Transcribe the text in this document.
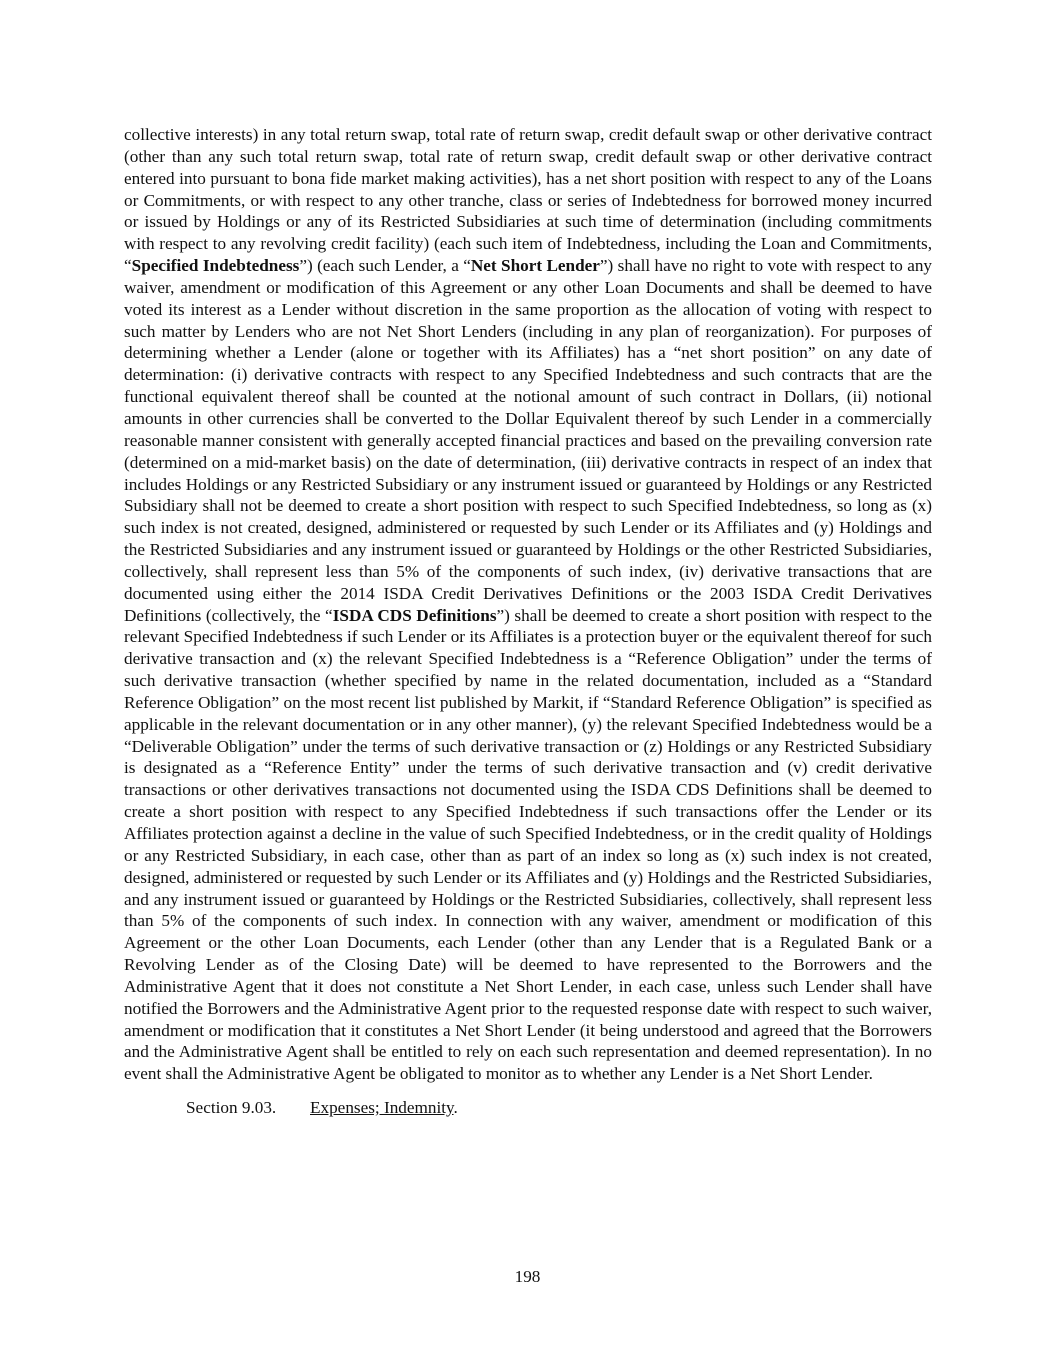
collective interests) in any total return swap, total rate of return swap, credit default swap or other derivative contract (other than any such total return swap, total rate of return swap, credit default swap or other derivative contract entered into pursuant to bona fide market making activities), has a net short position with respect to any of the Loans or Commitments, or with respect to any other tranche, class or series of Indebtedness for borrowed money incurred or issued by Holdings or any of its Restricted Subsidiaries at such time of determination (including commitments with respect to any revolving credit facility) (each such item of Indebtedness, including the Loan and Commitments, “Specified Indebtedness”) (each such Lender, a “Net Short Lender”) shall have no right to vote with respect to any waiver, amendment or modification of this Agreement or any other Loan Documents and shall be deemed to have voted its interest as a Lender without discretion in the same proportion as the allocation of voting with respect to such matter by Lenders who are not Net Short Lenders (including in any plan of reorganization). For purposes of determining whether a Lender (alone or together with its Affiliates) has a “net short position” on any date of determination: (i) derivative contracts with respect to any Specified Indebtedness and such contracts that are the functional equivalent thereof shall be counted at the notional amount of such contract in Dollars, (ii) notional amounts in other currencies shall be converted to the Dollar Equivalent thereof by such Lender in a commercially reasonable manner consistent with generally accepted financial practices and based on the prevailing conversion rate (determined on a mid-market basis) on the date of determination, (iii) derivative contracts in respect of an index that includes Holdings or any Restricted Subsidiary or any instrument issued or guaranteed by Holdings or any Restricted Subsidiary shall not be deemed to create a short position with respect to such Specified Indebtedness, so long as (x) such index is not created, designed, administered or requested by such Lender or its Affiliates and (y) Holdings and the Restricted Subsidiaries and any instrument issued or guaranteed by Holdings or the other Restricted Subsidiaries, collectively, shall represent less than 5% of the components of such index, (iv) derivative transactions that are documented using either the 2014 ISDA Credit Derivatives Definitions or the 2003 ISDA Credit Derivatives Definitions (collectively, the “ISDA CDS Definitions”) shall be deemed to create a short position with respect to the relevant Specified Indebtedness if such Lender or its Affiliates is a protection buyer or the equivalent thereof for such derivative transaction and (x) the relevant Specified Indebtedness is a “Reference Obligation” under the terms of such derivative transaction (whether specified by name in the related documentation, included as a “Standard Reference Obligation” on the most recent list published by Markit, if “Standard Reference Obligation” is specified as applicable in the relevant documentation or in any other manner), (y) the relevant Specified Indebtedness would be a “Deliverable Obligation” under the terms of such derivative transaction or (z) Holdings or any Restricted Subsidiary is designated as a “Reference Entity” under the terms of such derivative transaction and (v) credit derivative transactions or other derivatives transactions not documented using the ISDA CDS Definitions shall be deemed to create a short position with respect to any Specified Indebtedness if such transactions offer the Lender or its Affiliates protection against a decline in the value of such Specified Indebtedness, or in the credit quality of Holdings or any Restricted Subsidiary, in each case, other than as part of an index so long as (x) such index is not created, designed, administered or requested by such Lender or its Affiliates and (y) Holdings and the Restricted Subsidiaries, and any instrument issued or guaranteed by Holdings or the Restricted Subsidiaries, collectively, shall represent less than 5% of the components of such index. In connection with any waiver, amendment or modification of this Agreement or the other Loan Documents, each Lender (other than any Lender that is a Regulated Bank or a Revolving Lender as of the Closing Date) will be deemed to have represented to the Borrowers and the Administrative Agent that it does not constitute a Net Short Lender, in each case, unless such Lender shall have notified the Borrowers and the Administrative Agent prior to the requested response date with respect to such waiver, amendment or modification that it constitutes a Net Short Lender (it being understood and agreed that the Borrowers and the Administrative Agent shall be entitled to rely on each such representation and deemed representation). In no event shall the Administrative Agent be obligated to monitor as to whether any Lender is a Net Short Lender.

Section 9.03. Expenses; Indemnity.

198
